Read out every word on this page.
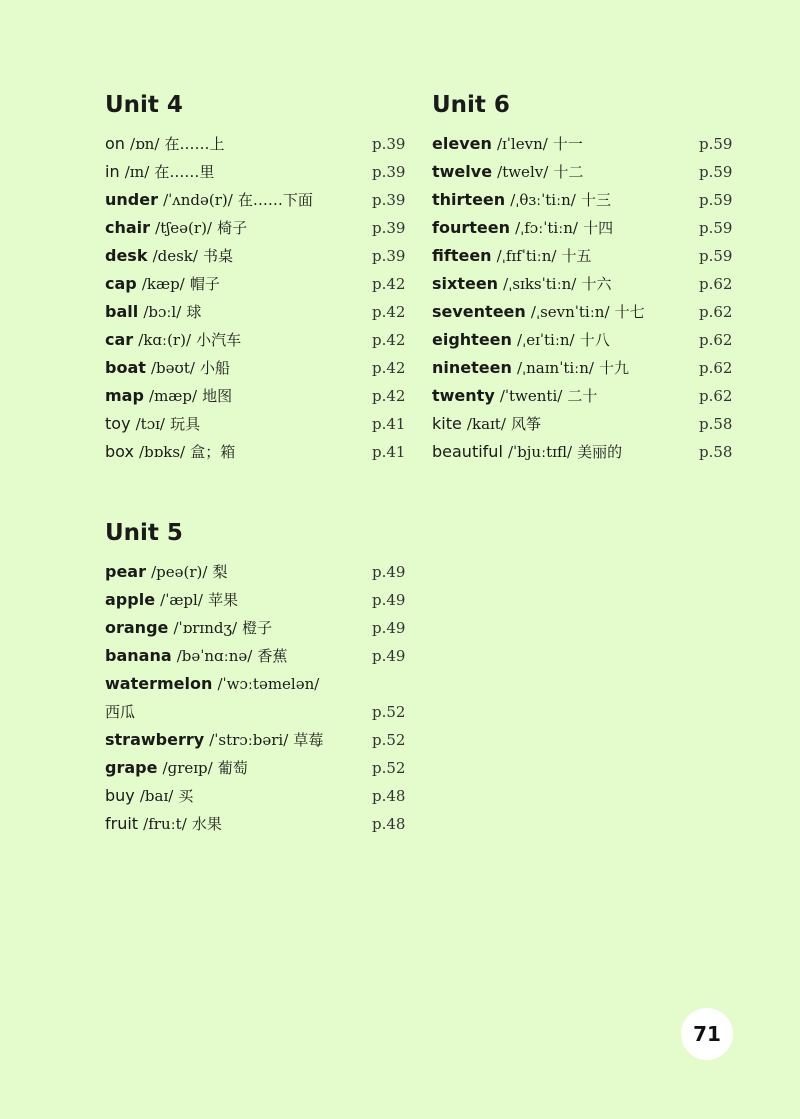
Unit 4
on /ɒn/ 在……上	p.39
in /ɪn/ 在……里	p.39
under /ˈʌndə(r)/ 在……下面	p.39
chair /tʃeə(r)/ 椅子	p.39
desk /desk/ 书桌	p.39
cap /kæp/ 帽子	p.42
ball /bɔːl/ 球	p.42
car /kɑː(r)/ 小汽车	p.42
boat /bəʊt/ 小船	p.42
map /mæp/ 地图	p.42
toy /tɔɪ/ 玩具	p.41
box /bɒks/ 盒；箱	p.41
Unit 6
eleven /ɪˈlevn/ 十一	p.59
twelve /twelv/ 十二	p.59
thirteen /ˌθɜːˈtiːn/ 十三	p.59
fourteen /ˌfɔːˈtiːn/ 十四	p.59
fifteen /ˌfɪfˈtiːn/ 十五	p.59
sixteen /ˌsɪksˈtiːn/ 十六	p.62
seventeen /ˌsevnˈtiːn/ 十七	p.62
eighteen /ˌeɪˈtiːn/ 十八	p.62
nineteen /ˌnaɪnˈtiːn/ 十九	p.62
twenty /ˈtwenti/ 二十	p.62
kite /kaɪt/ 风筝	p.58
beautiful /ˈbjuːtɪfl/ 美丽的	p.58
Unit 5
pear /peə(r)/ 梨	p.49
apple /ˈæpl/ 苹果	p.49
orange /ˈɒrɪndʒ/ 橙子	p.49
banana /bəˈnɑːnə/ 香蕉	p.49
watermelon /ˈwɔːtəmelən/
西瓜	p.52
strawberry /ˈstrɔːbəri/ 草莓	p.52
grape /ɡreɪp/ 葡萄	p.52
buy /baɪ/ 买	p.48
fruit /fruːt/ 水果	p.48
71
